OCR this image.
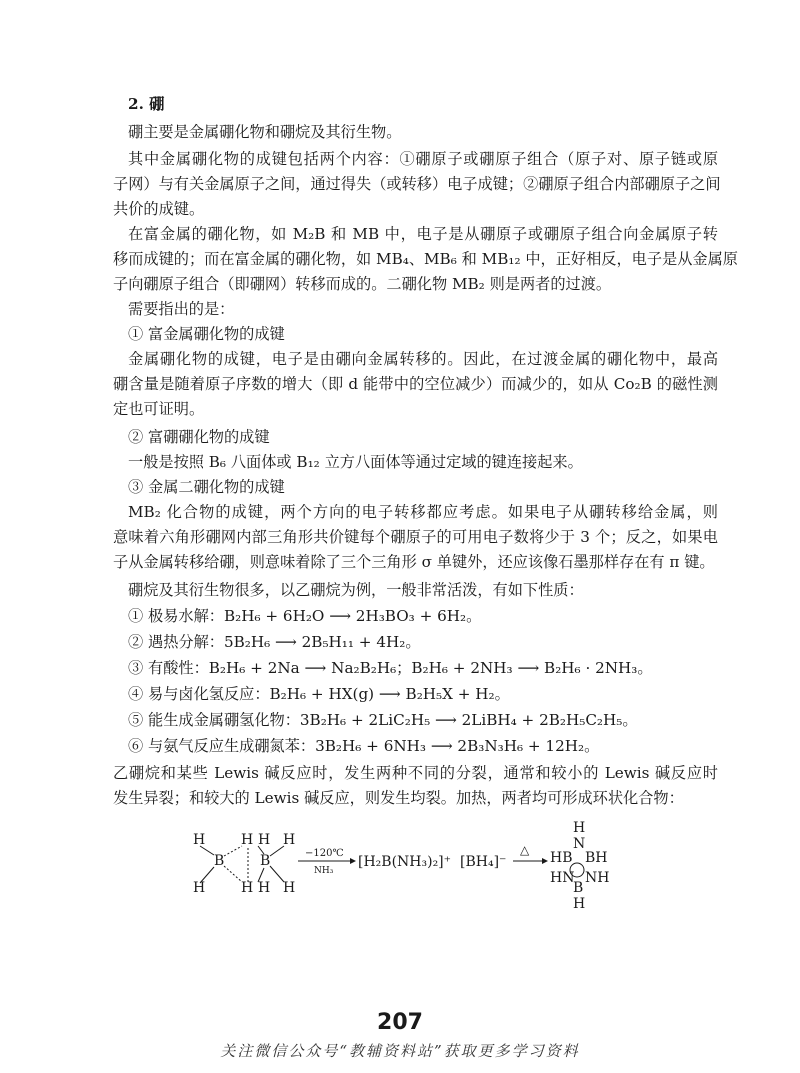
2. 硼
硼主要是金属硼化物和硼烷及其衍生物。
其中金属硼化物的成键包括两个内容：①硼原子或硼原子组合（原子对、原子链或原
子网）与有关金属原子之间，通过得失（或转移）电子成键；②硼原子组合内部硼原子之间
共价的成键。
在富金属的硼化物，如 M₂B 和 MB 中，电子是从硼原子或硼原子组合向金属原子转
移而成键的；而在富金属的硼化物，如 MB₄、MB₆ 和 MB₁₂ 中，正好相反，电子是从金属原
子向硼原子组合（即硼网）转移而成的。二硼化物 MB₂ 则是两者的过渡。
需要指出的是：
① 富金属硼化物的成键
金属硼化物的成键，电子是由硼向金属转移的。因此，在过渡金属的硼化物中，最高
硼含量是随着原子序数的增大（即 d 能带中的空位减少）而减少的，如从 Co₂B 的磁性测
定也可证明。
② 富硼硼化物的成键
一般是按照 B₆ 八面体或 B₁₂ 立方八面体等通过定域的键连接起来。
③ 金属二硼化物的成键
MB₂ 化合物的成键，两个方向的电子转移都应考虑。如果电子从硼转移给金属，则
意味着六角形硼网内部三角形共价键每个硼原子的可用电子数将少于 3 个；反之，如果电
子从金属转移给硼，则意味着除了三个三角形 σ 单键外，还应该像石墨那样存在有 π 键。
硼烷及其衍生物很多，以乙硼烷为例，一般非常活泼，有如下性质：
① 极易水解：B₂H₆ + 6H₂O ⟶ 2H₃BO₃ + 6H₂。
② 遇热分解：5B₂H₆ ⟶ 2B₅H₁₁ + 4H₂。
③ 有酸性：B₂H₆ + 2Na ⟶ Na₂B₂H₆；B₂H₆ + 2NH₃ ⟶ B₂H₆ · 2NH₃。
④ 易与卤化氢反应：B₂H₆ + HX(g) ⟶ B₂H₅X + H₂。
⑤ 能生成金属硼氢化物：3B₂H₆ + 2LiC₂H₅ ⟶ 2LiBH₄ + 2B₂H₅C₂H₅。
⑥ 与氨气反应生成硼氮苯：3B₂H₆ + 6NH₃ ⟶ 2B₃N₃H₆ + 12H₂。
乙硼烷和某些 Lewis 碱反应时，发生两种不同的分裂，通常和较小的 Lewis 碱反应时
发生异裂；和较大的 Lewis 碱反应，则发生均裂。加热，两者均可形成环状化合物：
H	H H H
B	B
H	H H H
−120℃
NH₃
[H₂B(NH₃)₂]⁺ [BH₄]⁻
△
H
N
HB BH
HN NH
B
H
207
关注微信公众号“教辅资料站”获取更多学习资料
